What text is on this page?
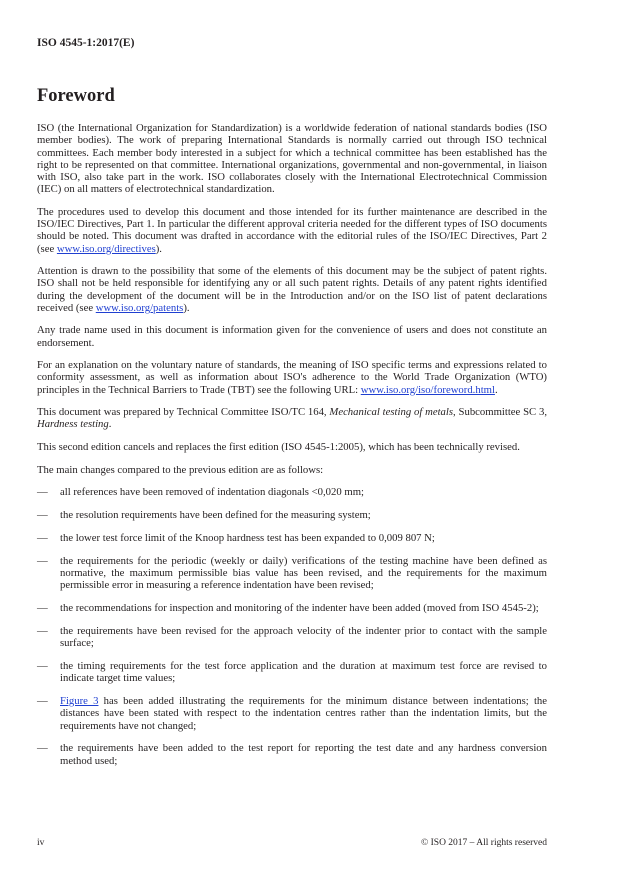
ISO 4545-1:2017(E)
Foreword

ISO (the International Organization for Standardization) is a worldwide federation of national standards bodies (ISO member bodies). The work of preparing International Standards is normally carried out through ISO technical committees. Each member body interested in a subject for which a technical committee has been established has the right to be represented on that committee. International organizations, governmental and non-governmental, in liaison with ISO, also take part in the work. ISO collaborates closely with the International Electrotechnical Commission (IEC) on all matters of electrotechnical standardization.

The procedures used to develop this document and those intended for its further maintenance are described in the ISO/IEC Directives, Part 1. In particular the different approval criteria needed for the different types of ISO documents should be noted. This document was drafted in accordance with the editorial rules of the ISO/IEC Directives, Part 2 (see www.iso.org/directives).

Attention is drawn to the possibility that some of the elements of this document may be the subject of patent rights. ISO shall not be held responsible for identifying any or all such patent rights. Details of any patent rights identified during the development of the document will be in the Introduction and/or on the ISO list of patent declarations received (see www.iso.org/patents).

Any trade name used in this document is information given for the convenience of users and does not constitute an endorsement.

For an explanation on the voluntary nature of standards, the meaning of ISO specific terms and expressions related to conformity assessment, as well as information about ISO's adherence to the World Trade Organization (WTO) principles in the Technical Barriers to Trade (TBT) see the following URL: www.iso.org/iso/foreword.html.

This document was prepared by Technical Committee ISO/TC 164, Mechanical testing of metals, Subcommittee SC 3, Hardness testing.

This second edition cancels and replaces the first edition (ISO 4545-1:2005), which has been technically revised.

The main changes compared to the previous edition are as follows:

—	all references have been removed of indentation diagonals <0,020 mm;
—	the resolution requirements have been defined for the measuring system;
—	the lower test force limit of the Knoop hardness test has been expanded to 0,009 807 N;
—	the requirements for the periodic (weekly or daily) verifications of the testing machine have been defined as normative, the maximum permissible bias value has been revised, and the requirements for the maximum permissible error in measuring a reference indentation have been revised;
—	the recommendations for inspection and monitoring of the indenter have been added (moved from ISO 4545-2);
—	the requirements have been revised for the approach velocity of the indenter prior to contact with the sample surface;
—	the timing requirements for the test force application and the duration at maximum test force are revised to indicate target time values;
—	Figure 3 has been added illustrating the requirements for the minimum distance between indentations; the distances have been stated with respect to the indentation centres rather than the indentation limits, but the requirements have not changed;
—	the requirements have been added to the test report for reporting the test date and any hardness conversion method used;
iv	© ISO 2017 – All rights reserved
